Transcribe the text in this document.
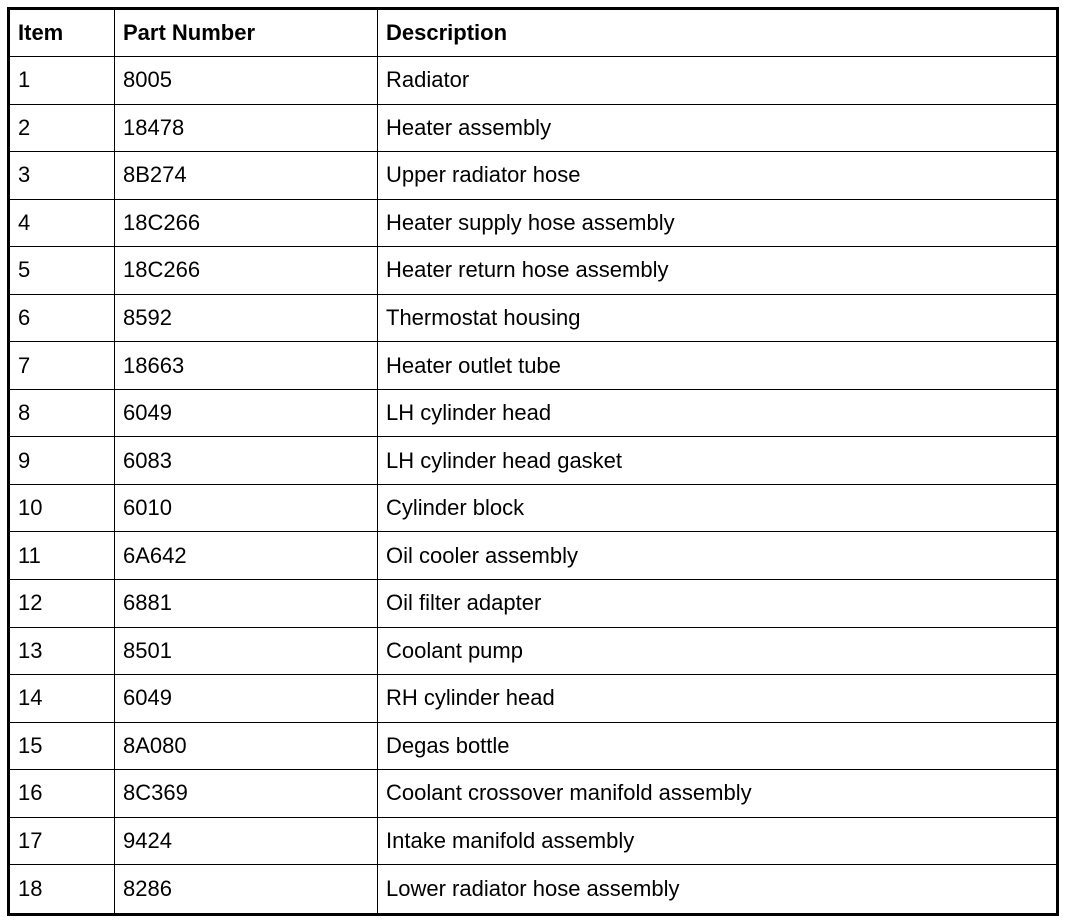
Item	Part Number	Description
1	8005	Radiator
2	18478	Heater assembly
3	8B274	Upper radiator hose
4	18C266	Heater supply hose assembly
5	18C266	Heater return hose assembly
6	8592	Thermostat housing
7	18663	Heater outlet tube
8	6049	LH cylinder head
9	6083	LH cylinder head gasket
10	6010	Cylinder block
11	6A642	Oil cooler assembly
12	6881	Oil filter adapter
13	8501	Coolant pump
14	6049	RH cylinder head
15	8A080	Degas bottle
16	8C369	Coolant crossover manifold assembly
17	9424	Intake manifold assembly
18	8286	Lower radiator hose assembly
